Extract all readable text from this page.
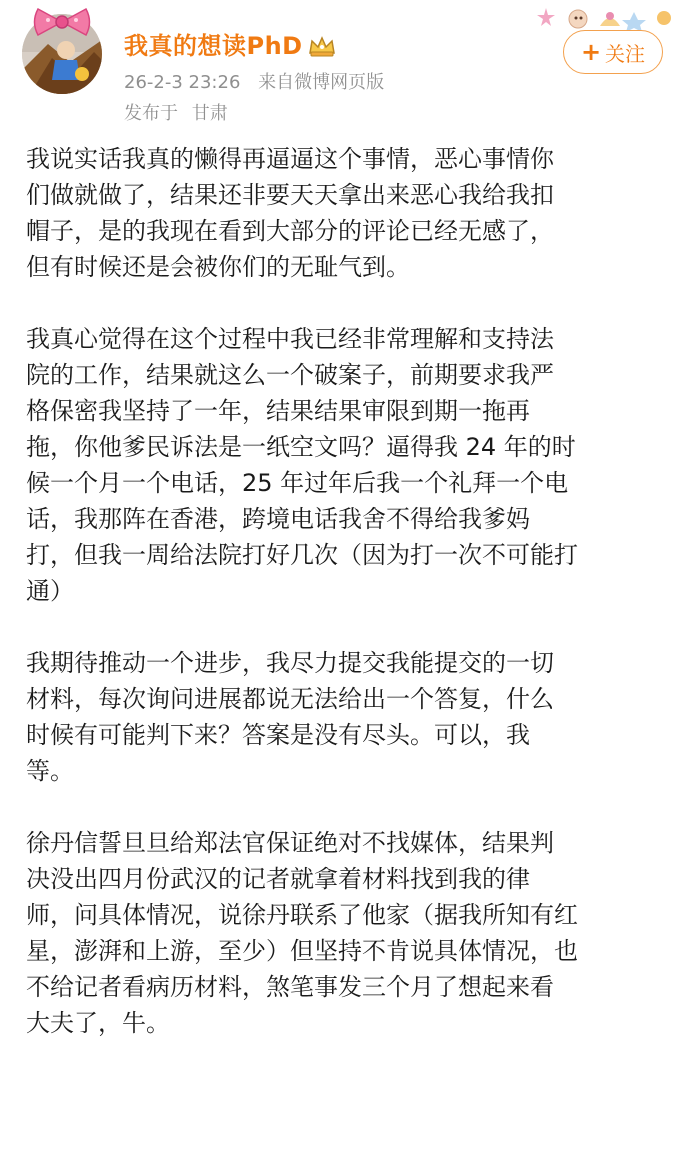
我真的想读PhD
26-2-3 23:26 来自微博网页版
发布于 甘肃
+ 关注

我说实话我真的懒得再逼逼这个事情，恶心事情你
们做就做了，结果还非要天天拿出来恶心我给我扣
帽子，是的我现在看到大部分的评论已经无感了，
但有时候还是会被你们的无耻气到。

我真心觉得在这个过程中我已经非常理解和支持法
院的工作，结果就这么一个破案子，前期要求我严
格保密我坚持了一年，结果结果审限到期一拖再
拖，你他爹民诉法是一纸空文吗？逼得我 24 年的时
候一个月一个电话，25 年过年后我一个礼拜一个电
话，我那阵在香港，跨境电话我舍不得给我爹妈
打，但我一周给法院打好几次（因为打一次不可能打
通）

我期待推动一个进步，我尽力提交我能提交的一切
材料，每次询问进展都说无法给出一个答复，什么
时候有可能判下来？答案是没有尽头。可以，我
等。

徐丹信誓旦旦给郑法官保证绝对不找媒体，结果判
决没出四月份武汉的记者就拿着材料找到我的律
师，问具体情况，说徐丹联系了他家（据我所知有红
星，澎湃和上游，至少）但坚持不肯说具体情况，也
不给记者看病历材料，煞笔事发三个月了想起来看
大夫了，牛。
